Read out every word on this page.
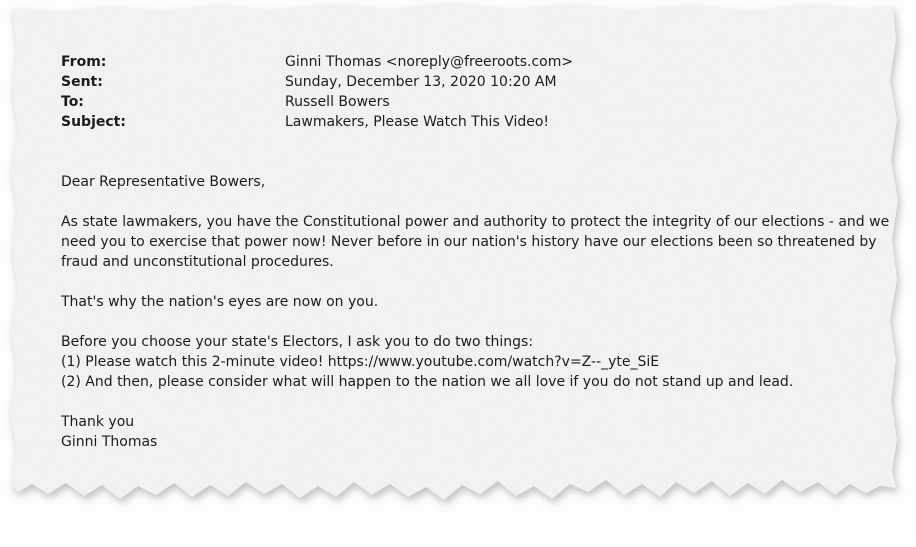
From:	Ginni Thomas <noreply@freeroots.com>
Sent:	Sunday, December 13, 2020 10:20 AM
To:	Russell Bowers
Subject:	Lawmakers, Please Watch This Video!

Dear Representative Bowers,

As state lawmakers, you have the Constitutional power and authority to protect the integrity of our elections - and we
need you to exercise that power now! Never before in our nation's history have our elections been so threatened by
fraud and unconstitutional procedures.

That's why the nation's eyes are now on you.

Before you choose your state's Electors, I ask you to do two things:
(1) Please watch this 2-minute video! https://www.youtube.com/watch?v=Z--_yte_SiE
(2) And then, please consider what will happen to the nation we all love if you do not stand up and lead.

Thank you
Ginni Thomas
